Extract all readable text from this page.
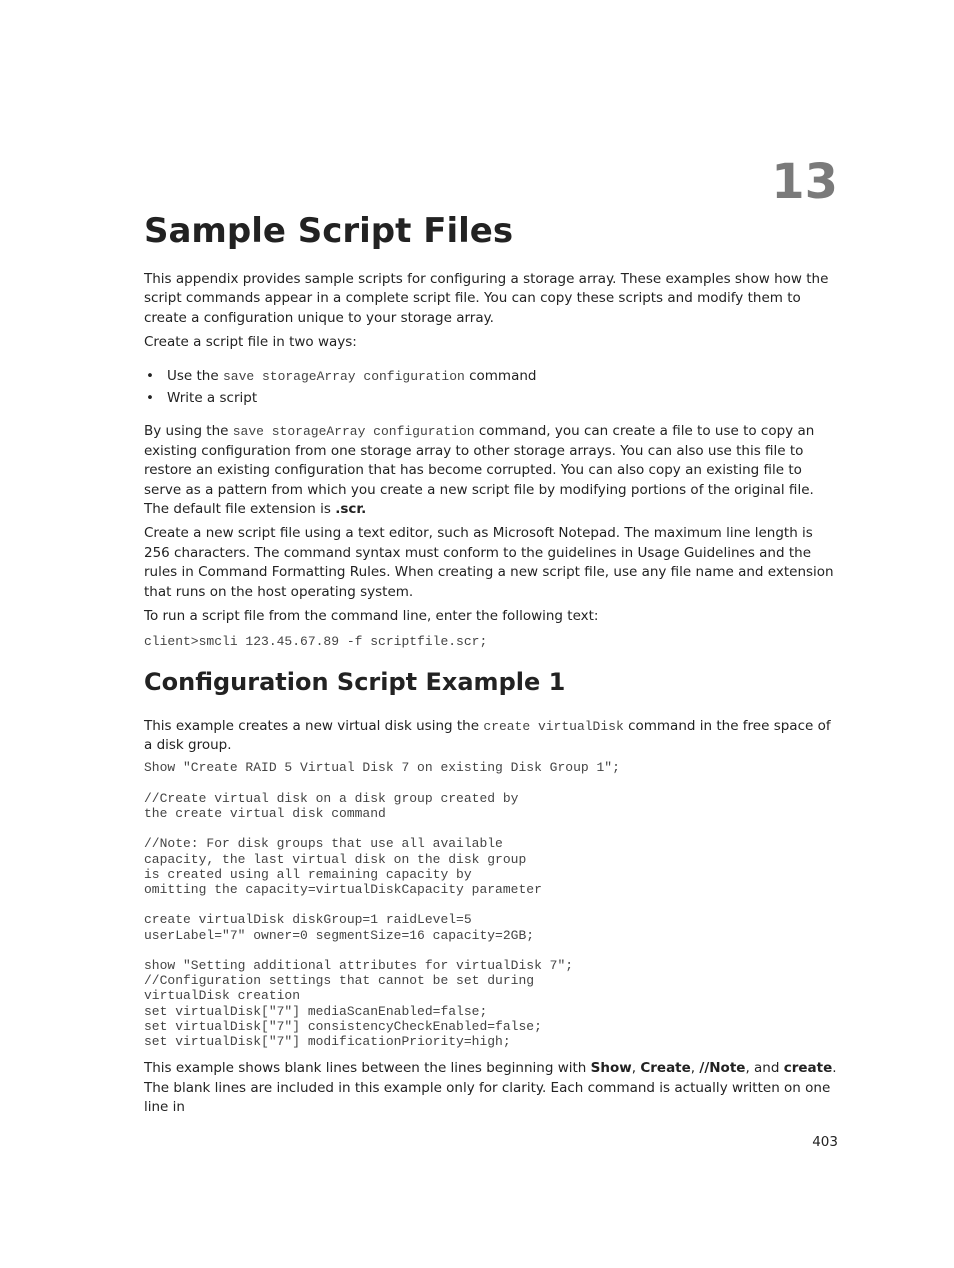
13
Sample Script Files

This appendix provides sample scripts for configuring a storage array. These examples show how the script commands appear in a complete script file. You can copy these scripts and modify them to create a configuration unique to your storage array.

Create a script file in two ways:

• Use the save storageArray configuration command
• Write a script

By using the save storageArray configuration command, you can create a file to use to copy an existing configuration from one storage array to other storage arrays. You can also use this file to restore an existing configuration that has become corrupted. You can also copy an existing file to serve as a pattern from which you create a new script file by modifying portions of the original file. The default file extension is .scr.

Create a new script file using a text editor, such as Microsoft Notepad. The maximum line length is 256 characters. The command syntax must conform to the guidelines in Usage Guidelines and the rules in Command Formatting Rules. When creating a new script file, use any file name and extension that runs on the host operating system.

To run a script file from the command line, enter the following text:

client>smcli 123.45.67.89 -f scriptfile.scr;
Configuration Script Example 1

This example creates a new virtual disk using the create virtualDisk command in the free space of a disk group.

Show "Create RAID 5 Virtual Disk 7 on existing Disk Group 1";

//Create virtual disk on a disk group created by
the create virtual disk command

//Note: For disk groups that use all available
capacity, the last virtual disk on the disk group
is created using all remaining capacity by
omitting the capacity=virtualDiskCapacity parameter

create virtualDisk diskGroup=1 raidLevel=5
userLabel="7" owner=0 segmentSize=16 capacity=2GB;

show "Setting additional attributes for virtualDisk 7";
//Configuration settings that cannot be set during
virtualDisk creation
set virtualDisk["7"] mediaScanEnabled=false;
set virtualDisk["7"] consistencyCheckEnabled=false;
set virtualDisk["7"] modificationPriority=high;

This example shows blank lines between the lines beginning with Show, Create, //Note, and create. The blank lines are included in this example only for clarity. Each command is actually written on one line in

403
